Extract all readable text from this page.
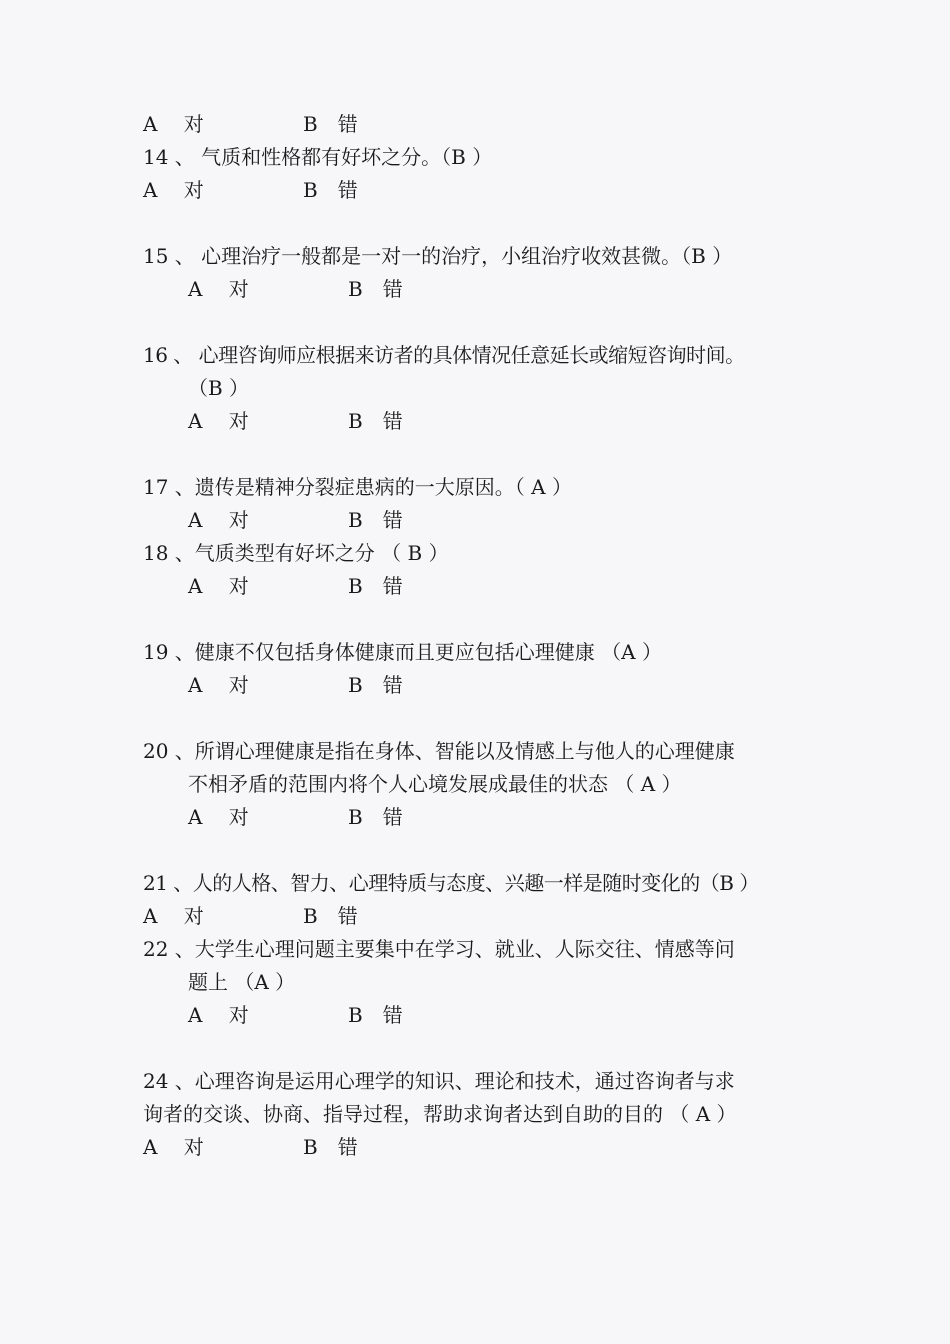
A　 对	B　错
14 、 气质和性格都有好坏之分。（B ）
A　 对	B　错
15 、 心理治疗一般都是一对一的治疗，小组治疗收效甚微。（B ）
A　 对	B　错
16 、 心理咨询师应根据来访者的具体情况任意延长或缩短咨询时间。
（B ）
A　 对	B　错
17 、遗传是精神分裂症患病的一大原因。（ A ）
A　 对	B　错
18 、气质类型有好坏之分 （ B ）
A　 对	B　错
19 、健康不仅包括身体健康而且更应包括心理健康 （A ）
A　 对	B　错
20 、所谓心理健康是指在身体、智能以及情感上与他人的心理健康
不相矛盾的范围内将个人心境发展成最佳的状态 （ A ）
A　 对	B　错
21 、人的人格、智力、心理特质与态度、兴趣一样是随时变化的（B ）
A　 对	B　错
22 、大学生心理问题主要集中在学习、就业、人际交往、情感等问
题上 （A ）
A　 对	B　错
24 、心理咨询是运用心理学的知识、理论和技术，通过咨询者与求
询者的交谈、协商、指导过程，帮助求询者达到自助的目的 （ A ）
A　 对	B　错
